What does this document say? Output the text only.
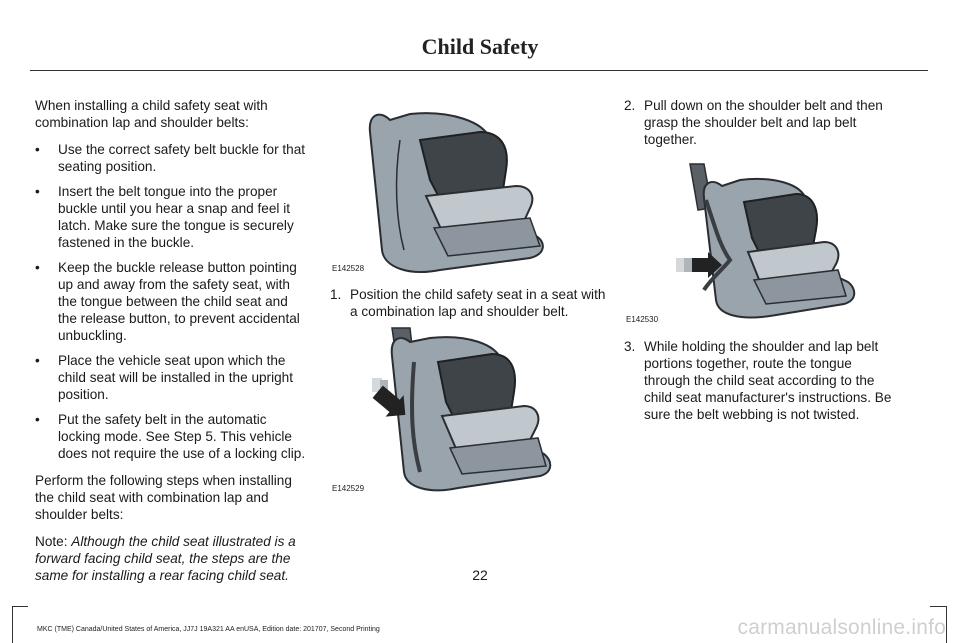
Child Safety

When installing a child safety seat with combination lap and shoulder belts:

• Use the correct safety belt buckle for that seating position.
• Insert the belt tongue into the proper buckle until you hear a snap and feel it latch. Make sure the tongue is securely fastened in the buckle.
• Keep the buckle release button pointing up and away from the safety seat, with the tongue between the child seat and the release button, to prevent accidental unbuckling.
• Place the vehicle seat upon which the child seat will be installed in the upright position.
• Put the safety belt in the automatic locking mode. See Step 5. This vehicle does not require the use of a locking clip.

Perform the following steps when installing the child seat with combination lap and shoulder belts:

Note: Although the child seat illustrated is a forward facing child seat, the steps are the same for installing a rear facing child seat.

E142528
1. Position the child safety seat in a seat with a combination lap and shoulder belt.
E142529
2. Pull down on the shoulder belt and then grasp the shoulder belt and lap belt together.
E142530
3. While holding the shoulder and lap belt portions together, route the tongue through the child seat according to the child seat manufacturer's instructions. Be sure the belt webbing is not twisted.
22
MKC (TME) Canada/United States of America, JJ7J 19A321 AA enUSA, Edition date: 201707, Second Printing	carmanualsonline.info
